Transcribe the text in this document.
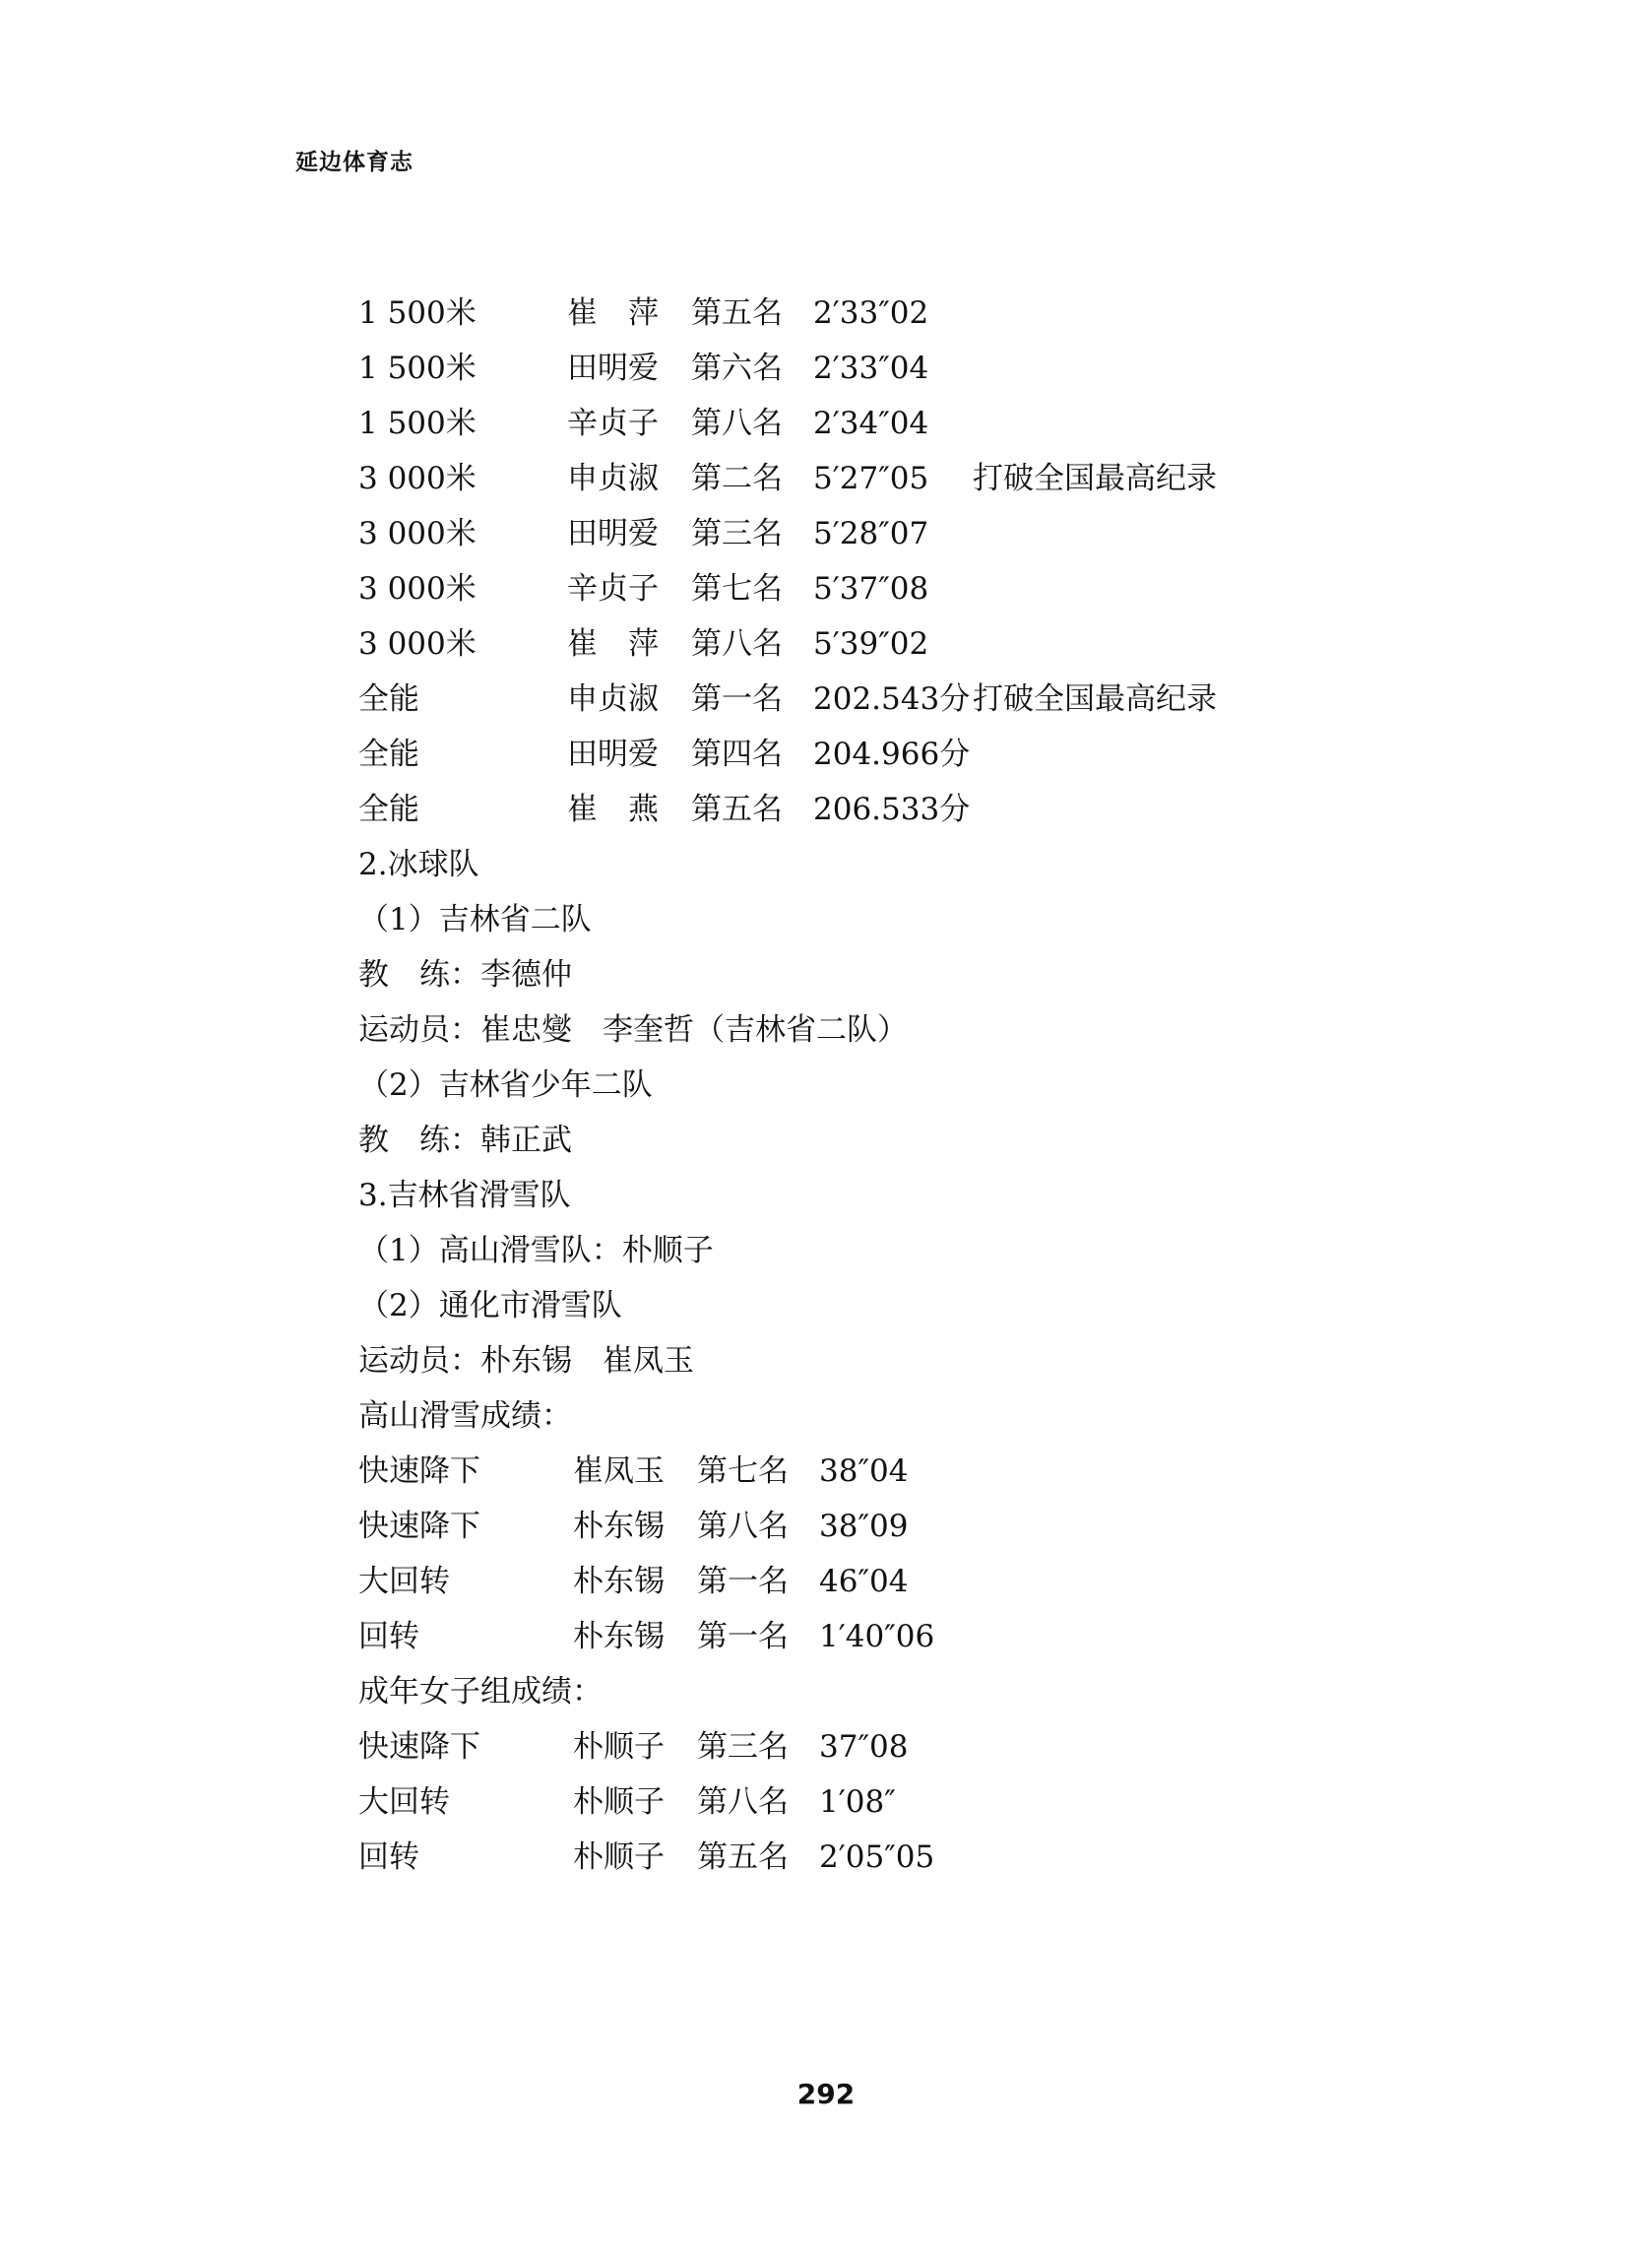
延边体育志
1 500米	崔　萍 第五名 2′33″02
1 500米	田明爱 第六名 2′33″04
1 500米	辛贞子 第八名 2′34″04
3 000米	申贞淑 第二名 5′27″05 打破全国最高纪录
3 000米	田明爱 第三名 5′28″07
3 000米	辛贞子 第七名 5′37″08
3 000米	崔　萍 第八名 5′39″02
全能	申贞淑 第一名 202.543分 打破全国最高纪录
全能	田明爱 第四名 204.966分
全能	崔　燕 第五名 206.533分
2.冰球队
（1）吉林省二队
教　练：李德仲
运动员：崔忠燮　李奎哲（吉林省二队）
（2）吉林省少年二队
教　练：韩正武
3.吉林省滑雪队
（1）高山滑雪队：朴顺子
（2）通化市滑雪队
运动员：朴东锡　崔凤玉
高山滑雪成绩：
快速降下	崔凤玉 第七名 38″04
快速降下	朴东锡 第八名 38″09
大回转	朴东锡 第一名 46″04
回转	朴东锡 第一名 1′40″06
成年女子组成绩：
快速降下	朴顺子 第三名 37″08
大回转	朴顺子 第八名 1′08″
回转	朴顺子 第五名 2′05″05
292
